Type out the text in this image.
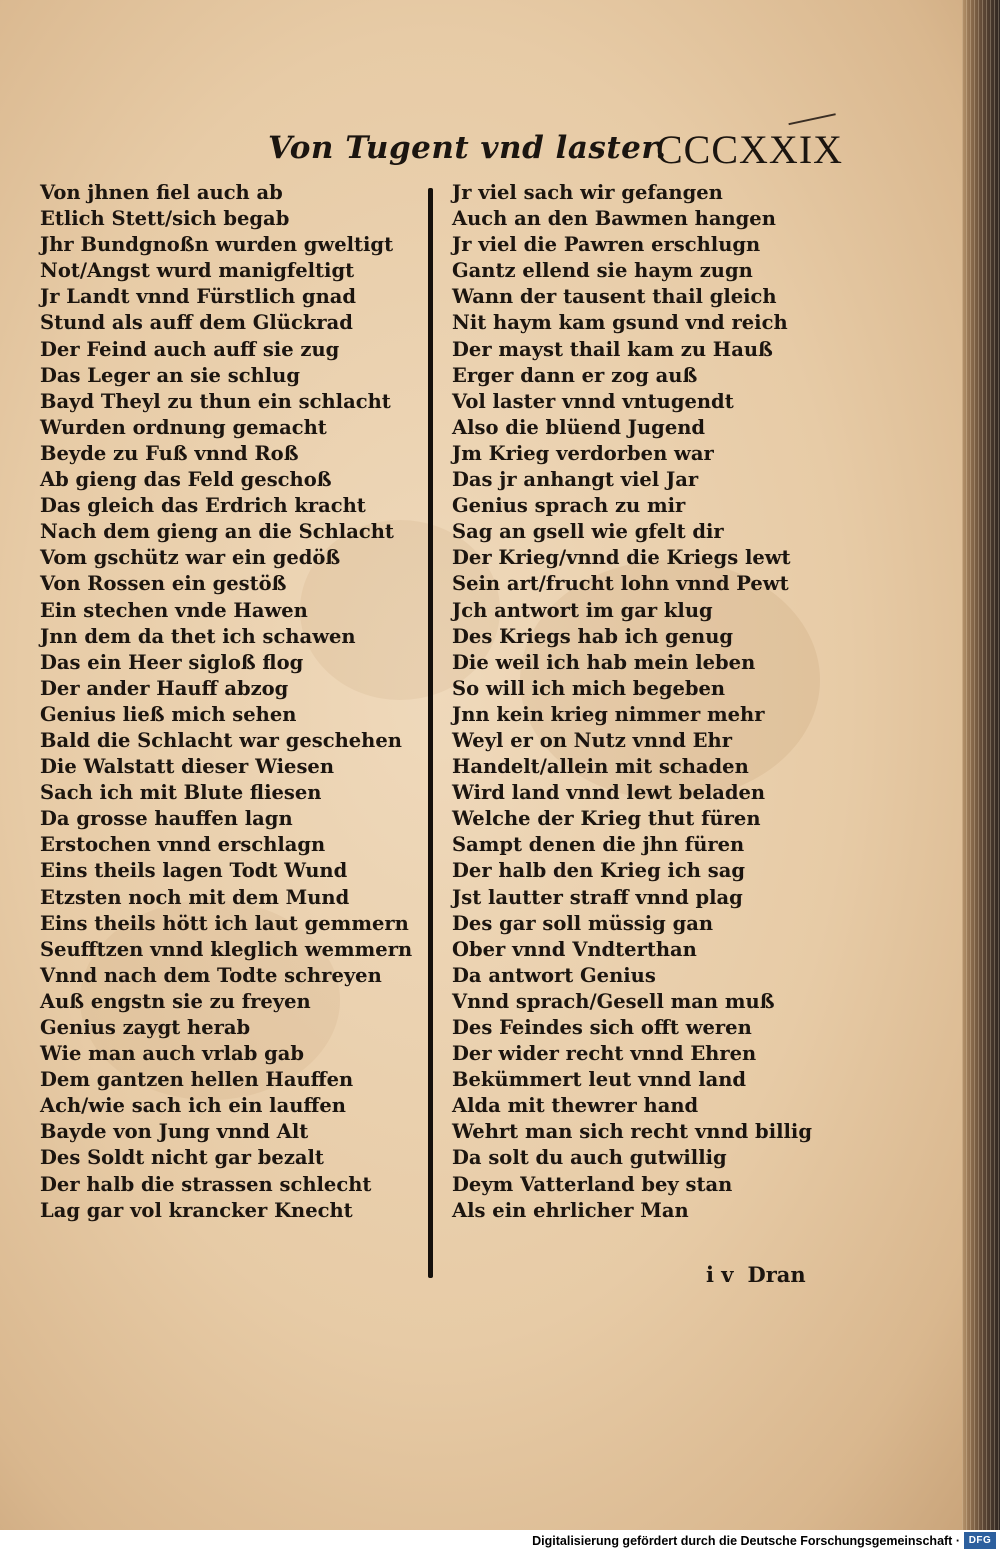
Von Tugent vnd laster.
CCCXXIX
Von jhnen fiel auch ab
Etlich Stett/sich begab
Jhr Bundgnoßn wurden gweltigt
Not/Angst wurd manigfeltigt
Jr Landt vnnd Fürstlich gnad
Stund als auff dem Glückrad
Der Feind auch auff sie zug
Das Leger an sie schlug
Bayd Theyl zu thun ein schlacht
Wurden ordnung gemacht
Beyde zu Fuß vnnd Roß
Ab gieng das Feld geschoß
Das gleich das Erdrich kracht
Nach dem gieng an die Schlacht
Vom gschütz war ein gedöß
Von Rossen ein gestöß
Ein stechen vnde Hawen
Jnn dem da thet ich schawen
Das ein Heer sigloß flog
Der ander Hauff abzog
Genius ließ mich sehen
Bald die Schlacht war geschehen
Die Walstatt dieser Wiesen
Sach ich mit Blute fliesen
Da grosse hauffen lagn
Erstochen vnnd erschlagn
Eins theils lagen Todt Wund
Etzsten noch mit dem Mund
Eins theils hött ich laut gemmern
Seufftzen vnnd kleglich wemmern
Vnnd nach dem Todte schreyen
Auß engstn sie zu freyen
Genius zaygt herab
Wie man auch vrlab gab
Dem gantzen hellen Hauffen
Ach/wie sach ich ein lauffen
Bayde von Jung vnnd Alt
Des Soldt nicht gar bezalt
Der halb die strassen schlecht
Lag gar vol krancker Knecht
Jr viel sach wir gefangen
Auch an den Bawmen hangen
Jr viel die Pawren erschlugn
Gantz ellend sie haym zugn
Wann der tausent thail gleich
Nit haym kam gsund vnd reich
Der mayst thail kam zu Hauß
Erger dann er zog auß
Vol laster vnnd vntugendt
Also die blüend Jugend
Jm Krieg verdorben war
Das jr anhangt viel Jar
Genius sprach zu mir
Sag an gsell wie gfelt dir
Der Krieg/vnnd die Kriegs lewt
Sein art/frucht lohn vnnd Pewt
Jch antwort im gar klug
Des Kriegs hab ich genug
Die weil ich hab mein leben
So will ich mich begeben
Jnn kein krieg nimmer mehr
Weyl er on Nutz vnnd Ehr
Handelt/allein mit schaden
Wird land vnnd lewt beladen
Welche der Krieg thut füren
Sampt denen die jhn füren
Der halb den Krieg ich sag
Jst lautter straff vnnd plag
Des gar soll müssig gan
Ober vnnd Vndterthan
Da antwort Genius
Vnnd sprach/Gesell man muß
Des Feindes sich offt weren
Der wider recht vnnd Ehren
Bekümmert leut vnnd land
Alda mit thewrer hand
Wehrt man sich recht vnnd billig
Da solt du auch gutwillig
Deym Vatterland bey stan
Als ein ehrlicher Man
i v Dran
Digitalisierung gefördert durch die Deutsche Forschungsgemeinschaft · DFG
